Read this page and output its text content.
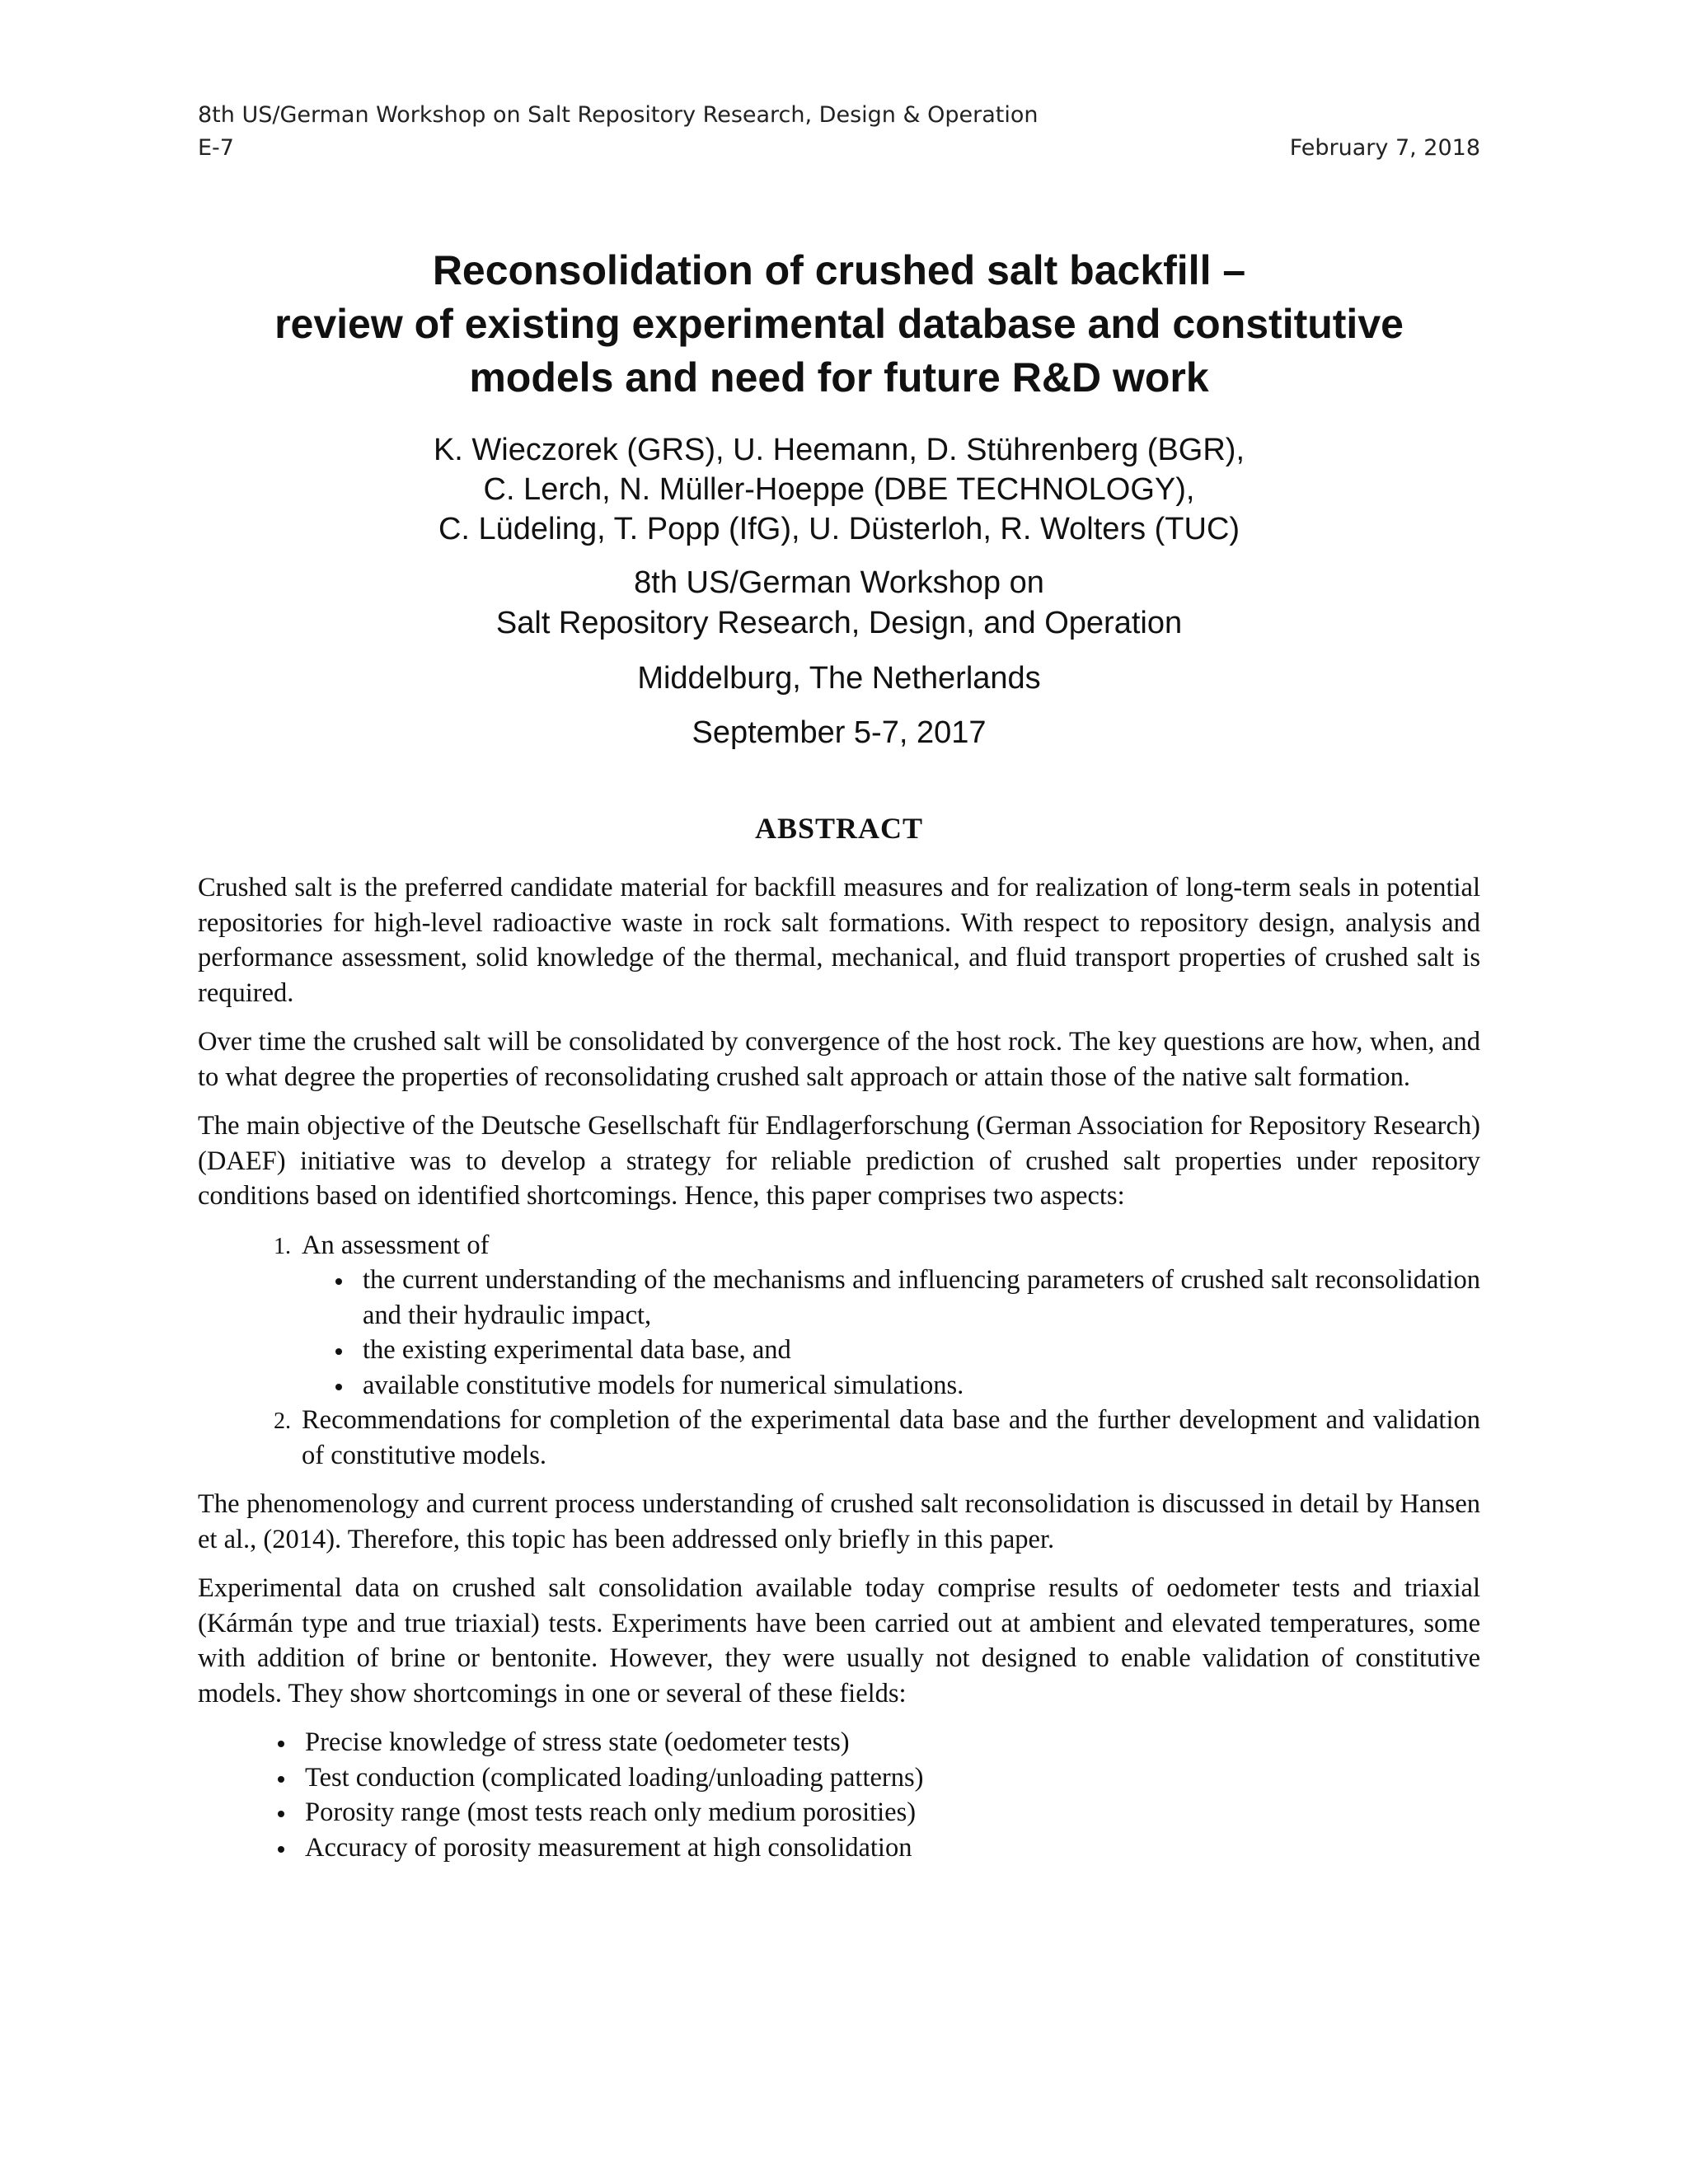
8th US/German Workshop on Salt Repository Research, Design & Operation
E-7	February 7, 2018
Reconsolidation of crushed salt backfill –
review of existing experimental database and constitutive
models and need for future R&D work
K. Wieczorek (GRS), U. Heemann, D. Stührenberg (BGR),
C. Lerch, N. Müller-Hoeppe (DBE TECHNOLOGY),
C. Lüdeling, T. Popp (IfG), U. Düsterloh, R. Wolters (TUC)
8th US/German Workshop on
Salt Repository Research, Design, and Operation
Middelburg, The Netherlands
September 5-7, 2017
ABSTRACT

Crushed salt is the preferred candidate material for backfill measures and for realization of long-term seals in potential repositories for high-level radioactive waste in rock salt formations. With respect to repository design, analysis and performance assessment, solid knowledge of the thermal, mechanical, and fluid transport properties of crushed salt is required.

Over time the crushed salt will be consolidated by convergence of the host rock. The key questions are how, when, and to what degree the properties of reconsolidating crushed salt approach or attain those of the native salt formation.

The main objective of the Deutsche Gesellschaft für Endlagerforschung (German Association for Repository Research) (DAEF) initiative was to develop a strategy for reliable prediction of crushed salt properties under repository conditions based on identified shortcomings. Hence, this paper comprises two aspects:

1. An assessment of
• the current understanding of the mechanisms and influencing parameters of crushed salt reconsolidation and their hydraulic impact,
• the existing experimental data base, and
• available constitutive models for numerical simulations.
2. Recommendations for completion of the experimental data base and the further development and validation of constitutive models.

The phenomenology and current process understanding of crushed salt reconsolidation is discussed in detail by Hansen et al., (2014). Therefore, this topic has been addressed only briefly in this paper.

Experimental data on crushed salt consolidation available today comprise results of oedometer tests and triaxial (Kármán type and true triaxial) tests. Experiments have been carried out at ambient and elevated temperatures, some with addition of brine or bentonite. However, they were usually not designed to enable validation of constitutive models. They show shortcomings in one or several of these fields:

• Precise knowledge of stress state (oedometer tests)
• Test conduction (complicated loading/unloading patterns)
• Porosity range (most tests reach only medium porosities)
• Accuracy of porosity measurement at high consolidation
